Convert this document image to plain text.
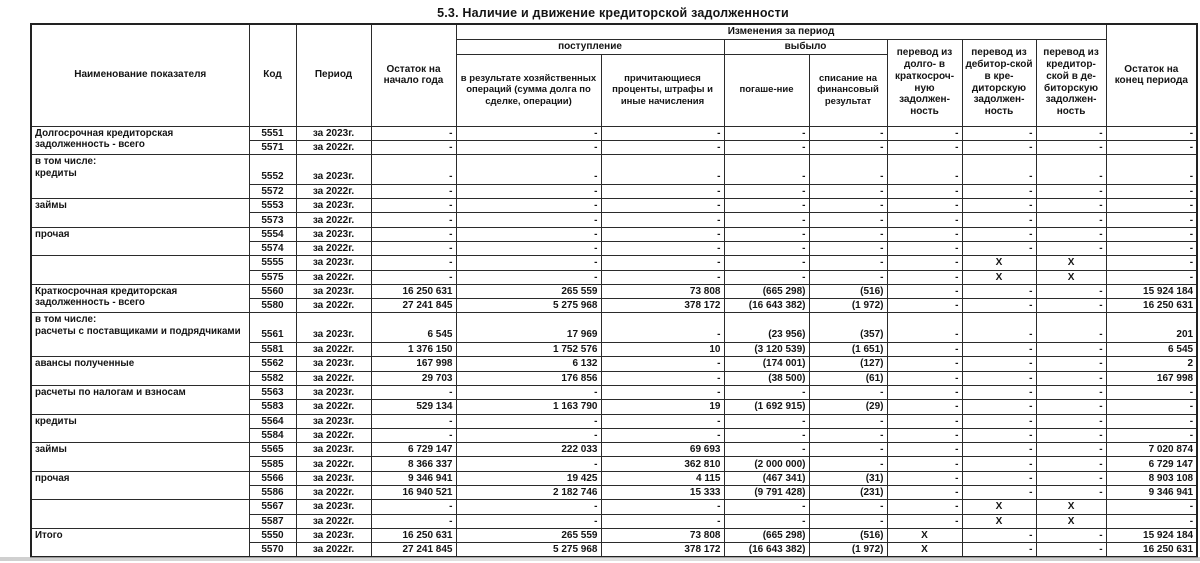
5.3. Наличие и движение кредиторской задолженности
Наименование показателя	Код	Период	Остаток на начало года	Изменения за период							Остаток на конец периода
				поступление		выбыло		перевод из долго- в краткосроч-ную задолжен-ность	перевод из дебитор-ской в кре-диторскую задолжен-ность	перевод из кредитор-ской в де-биторскую задолжен-ность	
				в результате хозяйственных операций (сумма долга по сделке, операции)	причитающиеся проценты, штрафы и иные начисления	погаше-ние	списание на финансовый результат				

Долгосрочная кредиторская задолженность - всего	5551	за 2023г.	-	-	-	-	-	-	-	-	-
	5571	за 2022г.	-	-	-	-	-	-	-	-	-

в том числе:
кредиты	5552	за 2023г.	-	-	-	-	-	-	-	-	-
	5572	за 2022г.	-	-	-	-	-	-	-	-	-

займы	5553	за 2023г.	-	-	-	-	-	-	-	-	-
	5573	за 2022г.	-	-	-	-	-	-	-	-	-

прочая	5554	за 2023г.	-	-	-	-	-	-	-	-	-
	5574	за 2022г.	-	-	-	-	-	-	-	-	-

	5555	за 2023г.	-	-	-	-	-	-	X	X	-
	5575	за 2022г.	-	-	-	-	-	-	X	X	-

Краткосрочная кредиторская задолженность - всего	5560	за 2023г.	16 250 631	265 559	73 808	(665 298)	(516)	-	-	-	15 924 184
	5580	за 2022г.	27 241 845	5 275 968	378 172	(16 643 382)	(1 972)	-	-	-	16 250 631

в том числе:
расчеты с поставщиками и подрядчиками	5561	за 2023г.	6 545	17 969	-	(23 956)	(357)	-	-	-	201
	5581	за 2022г.	1 376 150	1 752 576	10	(3 120 539)	(1 651)	-	-	-	6 545

авансы полученные	5562	за 2023г.	167 998	6 132	-	(174 001)	(127)	-	-	-	2
	5582	за 2022г.	29 703	176 856	-	(38 500)	(61)	-	-	-	167 998

расчеты по налогам и взносам	5563	за 2023г.	-	-	-	-	-	-	-	-	-
	5583	за 2022г.	529 134	1 163 790	19	(1 692 915)	(29)	-	-	-	-

кредиты	5564	за 2023г.	-	-	-	-	-	-	-	-	-
	5584	за 2022г.	-	-	-	-	-	-	-	-	-

займы	5565	за 2023г.	6 729 147	222 033	69 693	-	-	-	-	-	7 020 874
	5585	за 2022г.	8 366 337	-	362 810	(2 000 000)	-	-	-	-	6 729 147

прочая	5566	за 2023г.	9 346 941	19 425	4 115	(467 341)	(31)	-	-	-	8 903 108
	5586	за 2022г.	16 940 521	2 182 746	15 333	(9 791 428)	(231)	-	-	-	9 346 941

	5567	за 2023г.	-	-	-	-	-	-	X	X	-
	5587	за 2022г.	-	-	-	-	-	-	X	X	-

Итого	5550	за 2023г.	16 250 631	265 559	73 808	(665 298)	(516)	X	-	-	15 924 184
	5570	за 2022г.	27 241 845	5 275 968	378 172	(16 643 382)	(1 972)	X	-	-	16 250 631
